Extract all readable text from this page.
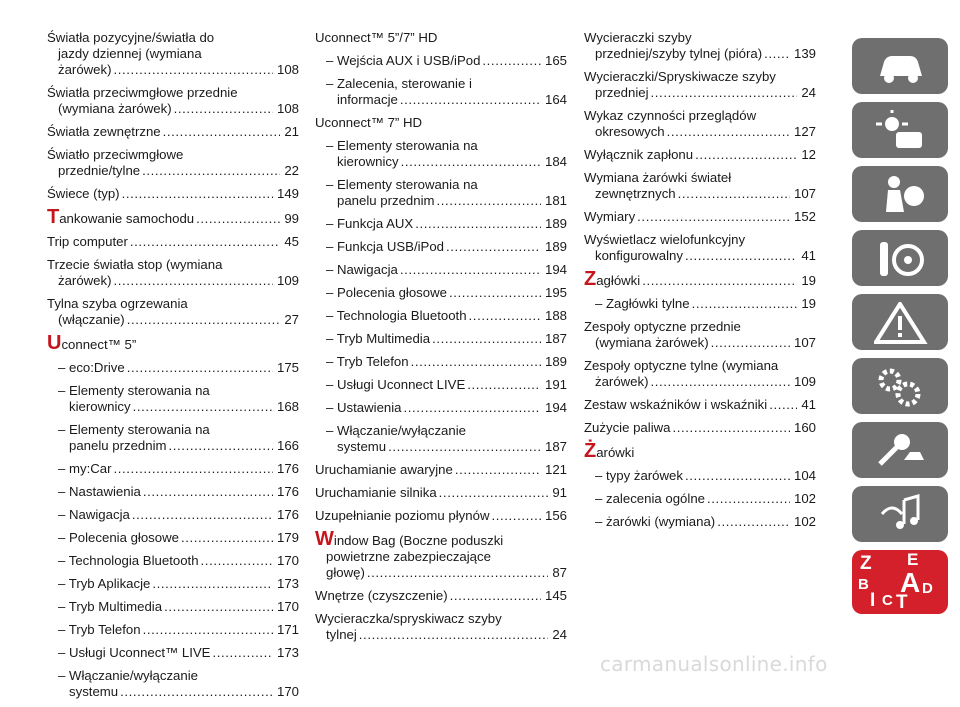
Światła pozycyjne/światła do
jazdy dziennej (wymiana
żarówek) .....	108
Światła przeciwmgłowe przednie
(wymiana żarówek) .....	108
Światła zewnętrzne .....	21
Światło przeciwmgłowe
przednie/tylne .....	22
Świece (typ) .....	149
T ankowanie samochodu .....	99
Trip computer .....	45
Trzecie światła stop (wymiana
żarówek) .....	109
Tylna szyba ogrzewania
(włączanie) .....	27
U connect™ 5”
– eco:Drive .....	175
– Elementy sterowania na
kierownicy .....	168
– Elementy sterowania na
panelu przednim .....	166
– my:Car .....	176
– Nastawienia .....	176
– Nawigacja .....	176
– Polecenia głosowe .....	179
– Technologia Bluetooth .....	170
– Tryb Aplikacje .....	173
– Tryb Multimedia .....	170
– Tryb Telefon .....	171
– Usługi Uconnect™ LIVE .....	173
– Włączanie/wyłączanie
systemu .....	170
Uconnect™ 5”/7” HD
– Wejścia AUX i USB/iPod .....	165
– Zalecenia, sterowanie i
informacje .....	164
Uconnect™ 7” HD
– Elementy sterowania na
kierownicy .....	184
– Elementy sterowania na
panelu przednim .....	181
– Funkcja AUX .....	189
– Funkcja USB/iPod .....	189
– Nawigacja .....	194
– Polecenia głosowe .....	195
– Technologia Bluetooth .....	188
– Tryb Multimedia .....	187
– Tryb Telefon .....	189
– Usługi Uconnect LIVE .....	191
– Ustawienia .....	194
– Włączanie/wyłączanie
systemu .....	187
Uruchamianie awaryjne .....	121
Uruchamianie silnika .....	91
Uzupełnianie poziomu płynów .....	156
Window Bag (Boczne poduszki
powietrzne zabezpieczające
głowę) .....	87
Wnętrze (czyszczenie) .....	145
Wycieraczka/spryskiwacz szyby
tylnej .....	24
Wycieraczki szyby
przedniej/szyby tylnej (pióra) ..... 139
Wycieraczki/Spryskiwacze szyby
przedniej .....	24
Wykaz czynności przeglądów
okresowych .....	127
Wyłącznik zapłonu .....	12
Wymiana żarówki świateł
zewnętrznych .....	107
Wymiary .....	152
Wyświetlacz wielofunkcyjny
konfigurowalny .....	41
Z agłówki .....	19
– Zagłówki tylne .....	19
Zespoły optyczne przednie
(wymiana żarówek) .....	107
Zespoły optyczne tylne (wymiana
żarówek) .....	109
Zestaw wskaźników i wskaźniki .....	41
Zużycie paliwa .....	160
Ż arówki
– typy żarówek .....	104
– zalecenia ogólne .....	102
– żarówki (wymiana) .....	102
Z E
B A D
I C T
carmanualsonline.info
